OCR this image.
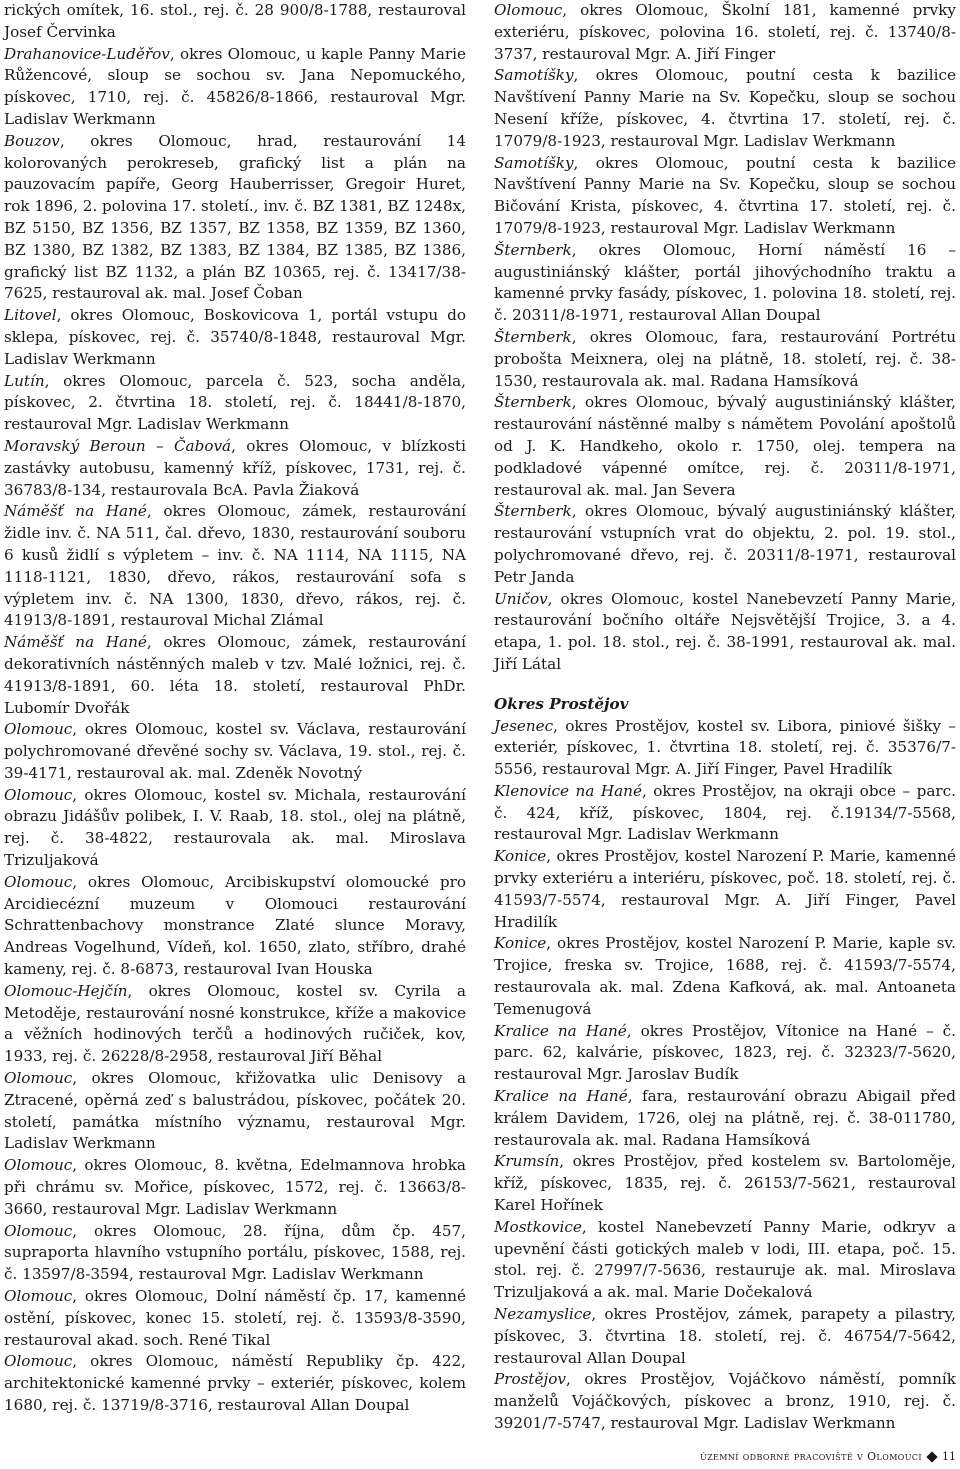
rických omítek, 16. stol., rej. č. 28 900/8-1788, restauroval Josef Červinka

Drahanovice-Luděřov, okres Olomouc, u kaple Panny Marie Růžencové, sloup se sochou sv. Jana Nepomuckého, pískovec, 1710, rej. č. 45826/8-1866, restauroval Mgr. Ladislav Werkmann

Bouzov, okres Olomouc, hrad, restaurování 14 kolorovaných perokreseb, grafický list a plán na pauzovacím papíře, Georg Hauberrisser, Gregoir Huret, rok 1896, 2. polovina 17. století., inv. č. BZ 1381, BZ 1248x, BZ 5150, BZ 1356, BZ 1357, BZ 1358, BZ 1359, BZ 1360, BZ 1380, BZ 1382, BZ 1383, BZ 1384, BZ 1385, BZ 1386, grafický list BZ 1132, a plán BZ 10365, rej. č. 13417/38-7625, restauroval ak. mal. Josef Čoban

Litovel, okres Olomouc, Boskovicova 1, portál vstupu do sklepa, pískovec, rej. č. 35740/8-1848, restauroval Mgr. Ladislav Werkmann

Lutín, okres Olomouc, parcela č. 523, socha anděla, pískovec, 2. čtvrtina 18. století, rej. č. 18441/8-1870, restauroval Mgr. Ladislav Werkmann

Moravský Beroun – Čabová, okres Olomouc, v blízkosti zastávky autobusu, kamenný kříž, pískovec, 1731, rej. č. 36783/8-134, restaurovala BcA. Pavla Žiaková

Náměšť na Hané, okres Olomouc, zámek, restaurování židle inv. č. NA 511, čal. dřevo, 1830, restaurování souboru 6 kusů židlí s výpletem – inv. č. NA 1114, NA 1115, NA 1118-1121, 1830, dřevo, rákos, restaurování sofa s výpletem inv. č. NA 1300, 1830, dřevo, rákos, rej. č. 41913/8-1891, restauroval Michal Zlámal

Náměšť na Hané, okres Olomouc, zámek, restaurování dekorativních nástěnných maleb v tzv. Malé ložnici, rej. č. 41913/8-1891, 60. léta 18. století, restauroval PhDr. Lubomír Dvořák

Olomouc, okres Olomouc, kostel sv. Václava, restaurování polychromované dřevěné sochy sv. Václava, 19. stol., rej. č. 39-4171, restauroval ak. mal. Zdeněk Novotný

Olomouc, okres Olomouc, kostel sv. Michala, restaurování obrazu Jidášův polibek, I. V. Raab, 18. stol., olej na plátně, rej. č. 38-4822, restaurovala ak. mal. Miroslava Trizuljaková

Olomouc, okres Olomouc, Arcibiskupství olomoucké pro Arcidiecézní muzeum v Olomouci restaurování Schrattenbachovy monstrance Zlaté slunce Moravy, Andreas Vogelhund, Vídeň, kol. 1650, zlato, stříbro, drahé kameny, rej. č. 8-6873, restauroval Ivan Houska

Olomouc-Hejčín, okres Olomouc, kostel sv. Cyrila a Metoděje, restaurování nosné konstrukce, kříže a makovice a věžních hodinových terčů a hodinových ručiček, kov, 1933, rej. č. 26228/8-2958, restauroval Jiří Běhal

Olomouc, okres Olomouc, křižovatka ulic Denisovy a Ztracené, opěrná zeď s balustrádou, pískovec, počátek 20. století, památka místního významu, restauroval Mgr. Ladislav Werkmann

Olomouc, okres Olomouc, 8. května, Edelmannova hrobka při chrámu sv. Mořice, pískovec, 1572, rej. č. 13663/8-3660, restauroval Mgr. Ladislav Werkmann

Olomouc, okres Olomouc, 28. října, dům čp. 457, supraporta hlavního vstupního portálu, pískovec, 1588, rej. č. 13597/8-3594, restauroval Mgr. Ladislav Werkmann

Olomouc, okres Olomouc, Dolní náměstí čp. 17, kamenné ostění, pískovec, konec 15. století, rej. č. 13593/8-3590, restauroval akad. soch. René Tikal

Olomouc, okres Olomouc, náměstí Republiky čp. 422, architektonické kamenné prvky – exteriér, pískovec, kolem 1680, rej. č. 13719/8-3716, restauroval Allan Doupal

Olomouc, okres Olomouc, Školní 181, kamenné prvky exteriéru, pískovec, polovina 16. století, rej. č. 13740/8-3737, restauroval Mgr. A. Jiří Finger

Samotíšky, okres Olomouc, poutní cesta k bazilice Navštívení Panny Marie na Sv. Kopečku, sloup se sochou Nesení kříže, pískovec, 4. čtvrtina 17. století, rej. č. 17079/8-1923, restauroval Mgr. Ladislav Werkmann

Samotíšky, okres Olomouc, poutní cesta k bazilice Navštívení Panny Marie na Sv. Kopečku, sloup se sochou Bičování Krista, pískovec, 4. čtvrtina 17. století, rej. č. 17079/8-1923, restauroval Mgr. Ladislav Werkmann

Šternberk, okres Olomouc, Horní náměstí 16 – augustiniánský klášter, portál jihovýchodního traktu a kamenné prvky fasády, pískovec, 1. polovina 18. století, rej. č. 20311/8-1971, restauroval Allan Doupal

Šternberk, okres Olomouc, fara, restaurování Portrétu probošta Meixnera, olej na plátně, 18. století, rej. č. 38-1530, restaurovala ak. mal. Radana Hamsíková

Šternberk, okres Olomouc, bývalý augustiniánský klášter, restaurování nástěnné malby s námětem Povolání apoštolů od J. K. Handkeho, okolo r. 1750, olej. tempera na podkladové vápenné omítce, rej. č. 20311/8-1971, restauroval ak. mal. Jan Severa

Šternberk, okres Olomouc, bývalý augustiniánský klášter, restaurování vstupních vrat do objektu, 2. pol. 19. stol., polychromované dřevo, rej. č. 20311/8-1971, restauroval Petr Janda

Uničov, okres Olomouc, kostel Nanebevzetí Panny Marie, restaurování bočního oltáře Nejsvětější Trojice, 3. a 4. etapa, 1. pol. 18. stol., rej. č. 38-1991, restauroval ak. mal. Jiří Látal

Okres Prostějov

Jesenec, okres Prostějov, kostel sv. Libora, piniové šišky – exteriér, pískovec, 1. čtvrtina 18. století, rej. č. 35376/7-5556, restauroval Mgr. A. Jiří Finger, Pavel Hradilík

Klenovice na Hané, okres Prostějov, na okraji obce – parc. č. 424, kříž, pískovec, 1804, rej. č.19134/7-5568, restauroval Mgr. Ladislav Werkmann

Konice, okres Prostějov, kostel Narození P. Marie, kamenné prvky exteriéru a interiéru, pískovec, poč. 18. století, rej. č. 41593/7-5574, restauroval Mgr. A. Jiří Finger, Pavel Hradilík

Konice, okres Prostějov, kostel Narození P. Marie, kaple sv. Trojice, freska sv. Trojice, 1688, rej. č. 41593/7-5574, restaurovala ak. mal. Zdena Kafková, ak. mal. Antoaneta Temenugová

Kralice na Hané, okres Prostějov, Vítonice na Hané – č. parc. 62, kalvárie, pískovec, 1823, rej. č. 32323/7-5620, restauroval Mgr. Jaroslav Budík

Kralice na Hané, fara, restaurování obrazu Abigail před králem Davidem, 1726, olej na plátně, rej. č. 38-011780, restaurovala ak. mal. Radana Hamsíková

Krumsín, okres Prostějov, před kostelem sv. Bartoloměje, kříž, pískovec, 1835, rej. č. 26153/7-5621, restauroval Karel Hořínek

Mostkovice, kostel Nanebevzetí Panny Marie, odkryv a upevnění části gotických maleb v lodi, III. etapa, poč. 15. stol. rej. č. 27997/7-5636, restauruje ak. mal. Miroslava Trizuljaková a ak. mal. Marie Dočekalová

Nezamyslice, okres Prostějov, zámek, parapety a pilastry, pískovec, 3. čtvrtina 18. století, rej. č. 46754/7-5642, restauroval Allan Doupal

Prostějov, okres Prostějov, Vojáčkovo náměstí, pomník manželů Vojáčkových, pískovec a bronz, 1910, rej. č. 39201/7-5747, restauroval Mgr. Ladislav Werkmann

územní odborné pracoviště v Olomouci 11
